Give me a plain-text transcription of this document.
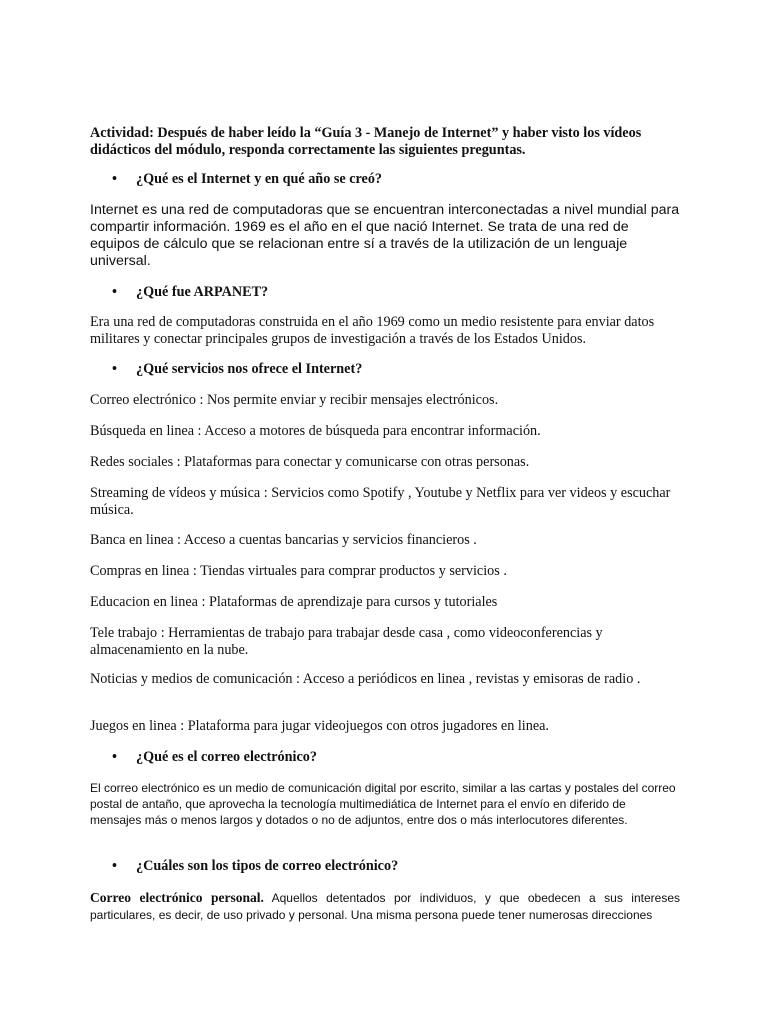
Actividad: Después de haber leído la “Guía 3 - Manejo de Internet” y haber visto los vídeos didácticos del módulo, responda correctamente las siguientes preguntas.

• ¿Qué es el Internet y en qué año se creó?

Internet es una red de computadoras que se encuentran interconectadas a nivel mundial para compartir información. 1969 es el año en el que nació Internet. Se trata de una red de equipos de cálculo que se relacionan entre sí a través de la utilización de un lenguaje universal.

• ¿Qué fue ARPANET?

Era una red de computadoras construida en el año 1969 como un medio resistente para enviar datos militares y conectar principales grupos de investigación a través de los Estados Unidos.

• ¿Qué servicios nos ofrece el Internet?

Correo electrónico : Nos permite enviar y recibir mensajes electrónicos.

Búsqueda en linea : Acceso a motores de búsqueda para encontrar información.

Redes sociales : Plataformas para conectar y comunicarse con otras personas.

Streaming de vídeos y música : Servicios como Spotify , Youtube y Netflix para ver videos y escuchar música.

Banca en linea : Acceso a cuentas bancarias y servicios financieros .

Compras en linea : Tiendas virtuales para comprar productos y servicios .

Educacion en linea : Plataformas de aprendizaje para cursos y tutoriales

Tele trabajo : Herramientas de trabajo para trabajar desde casa , como videoconferencias y almacenamiento en la nube.

Noticias y medios de comunicación : Acceso a periódicos en linea , revistas y emisoras de radio .

Juegos en linea : Plataforma para jugar videojuegos con otros jugadores en linea.

• ¿Qué es el correo electrónico?

El correo electrónico es un medio de comunicación digital por escrito, similar a las cartas y postales del correo postal de antaño, que aprovecha la tecnología multimediática de Internet para el envío en diferido de mensajes más o menos largos y dotados o no de adjuntos, entre dos o más interlocutores diferentes.

• ¿Cuáles son los tipos de correo electrónico?

Correo electrónico personal. Aquellos detentados por individuos, y que obedecen a sus intereses particulares, es decir, de uso privado y personal. Una misma persona puede tener numerosas direcciones
